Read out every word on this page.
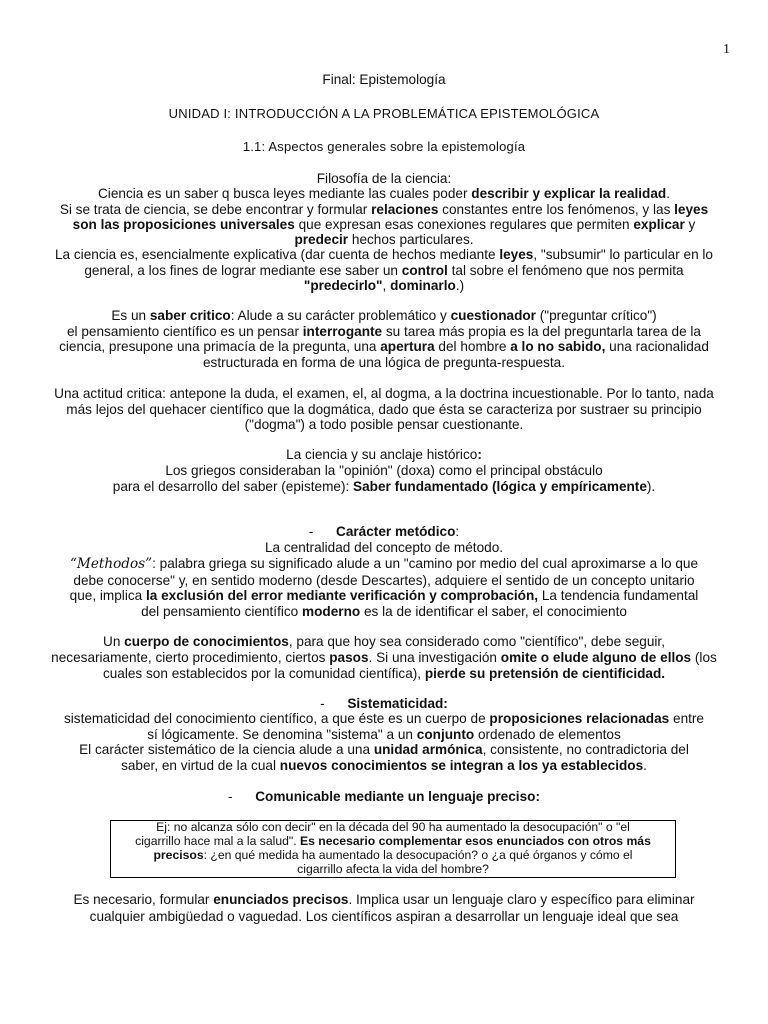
1
Final: Epistemología
UNIDAD I: INTRODUCCIÓN A LA PROBLEMÁTICA EPISTEMOLÓGICA
1.1: Aspectos generales sobre la epistemología
Filosofía de la ciencia:
Ciencia es un saber q busca leyes mediante las cuales poder describir y explicar la realidad.
Si se trata de ciencia, se debe encontrar y formular relaciones constantes entre los fenómenos, y las leyes
son las proposiciones universales que expresan esas conexiones regulares que permiten explicar y
predecir hechos particulares.
La ciencia es, esencialmente explicativa (dar cuenta de hechos mediante leyes, "subsumir" lo particular en lo
general, a los fines de lograr mediante ese saber un control tal sobre el fenómeno que nos permita
"predecirlo", dominarlo.)
Es un saber critico: Alude a su carácter problemático y cuestionador ("preguntar crítico")
el pensamiento científico es un pensar interrogante su tarea más propia es la del preguntarla tarea de la
ciencia, presupone una primacía de la pregunta, una apertura del hombre a lo no sabido, una racionalidad
estructurada en forma de una lógica de pregunta-respuesta.
Una actitud critica: antepone la duda, el examen, el, al dogma, a la doctrina incuestionable. Por lo tanto, nada
más lejos del quehacer científico que la dogmática, dado que ésta se caracteriza por sustraer su principio
("dogma") a todo posible pensar cuestionante.
La ciencia y su anclaje histórico:
Los griegos consideraban la "opinión" (doxa) como el principal obstáculo
para el desarrollo del saber (episteme): Saber fundamentado (lógica y empíricamente).
- Carácter metódico:
La centralidad del concepto de método.
“Methodos”: palabra griega su significado alude a un "camino por medio del cual aproximarse a lo que
debe conocerse" y, en sentido moderno (desde Descartes), adquiere el sentido de un concepto unitario
que, implica la exclusión del error mediante verificación y comprobación, La tendencia fundamental
del pensamiento científico moderno es la de identificar el saber, el conocimiento
Un cuerpo de conocimientos, para que hoy sea considerado como "científico", debe seguir,
necesariamente, cierto procedimiento, ciertos pasos. Si una investigación omite o elude alguno de ellos (los
cuales son establecidos por la comunidad científica), pierde su pretensión de cientificidad.
- Sistematicidad:
sistematicidad del conocimiento científico, a que éste es un cuerpo de proposiciones relacionadas entre
sí lógicamente. Se denomina "sistema" a un conjunto ordenado de elementos
El carácter sistemático de la ciencia alude a una unidad armónica, consistente, no contradictoria del
saber, en virtud de la cual nuevos conocimientos se integran a los ya establecidos.
- Comunicable mediante un lenguaje preciso:
Ej: no alcanza sólo con decir" en la década del 90 ha aumentado la desocupación" o "el
cigarrillo hace mal a la salud". Es necesario complementar esos enunciados con otros más
precisos: ¿en qué medida ha aumentado la desocupación? o ¿a qué órganos y cómo el
cigarrillo afecta la vida del hombre?
Es necesario, formular enunciados precisos. Implica usar un lenguaje claro y específico para eliminar
cualquier ambigüedad o vaguedad. Los científicos aspiran a desarrollar un lenguaje ideal que sea
